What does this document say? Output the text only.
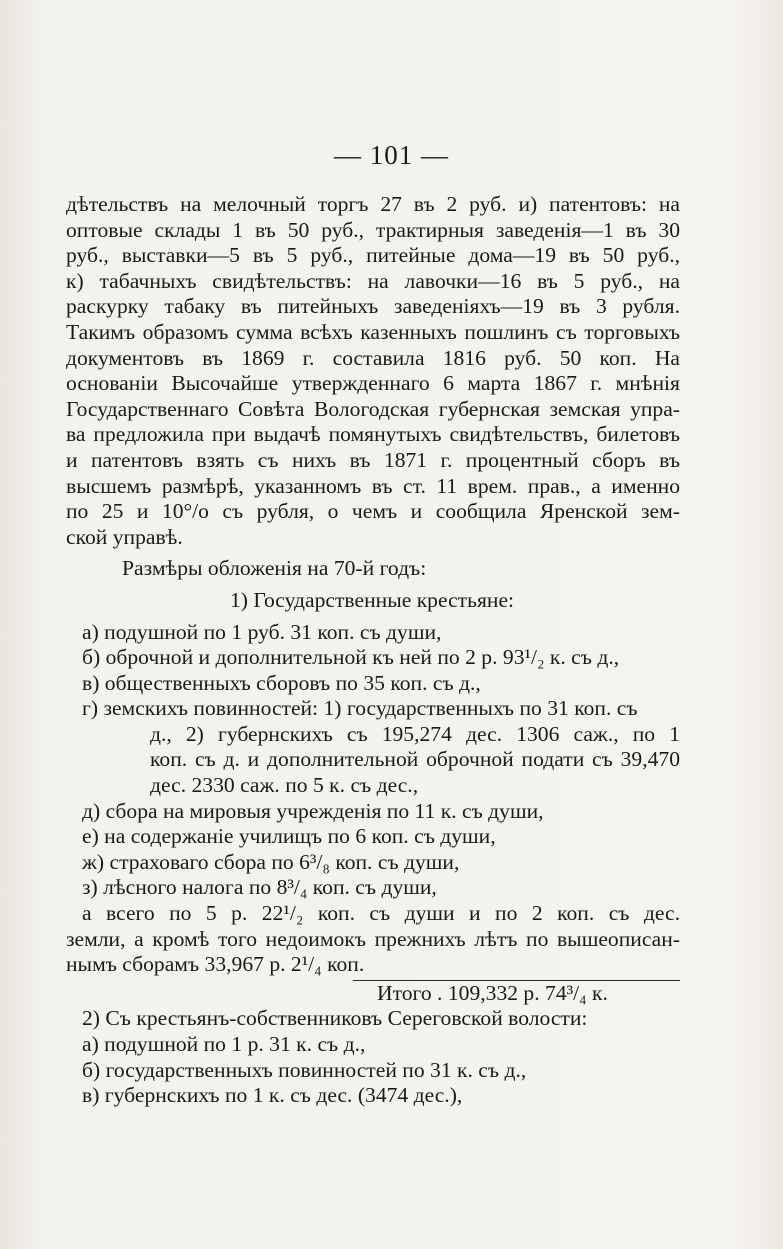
— 101 —
дѣтельствъ на мелочный торгъ 27 въ 2 руб. и) патентовъ: на
оптовые склады 1 въ 50 руб., трактирныя заведенія—1 въ 30
руб., выставки—5 въ 5 руб., питейные дома—19 въ 50 руб.,
к) табачныхъ свидѣтельствъ: на лавочки—16 въ 5 руб., на
раскурку табаку въ питейныхъ заведеніяхъ—19 въ 3 рубля.
Такимъ образомъ сумма всѣхъ казенныхъ пошлинъ съ торговыхъ
документовъ въ 1869 г. составила 1816 руб. 50 коп. На
основаніи Высочайше утвержденнаго 6 марта 1867 г. мнѣнія
Государственнаго Совѣта Вологодская губернская земская упра-
ва предложила при выдачѣ помянутыхъ свидѣтельствъ, билетовъ
и патентовъ взять съ нихъ въ 1871 г. процентный сборъ въ
высшемъ размѣрѣ, указанномъ въ ст. 11 врем. прав., а именно
по 25 и 10°/о съ рубля, о чемъ и сообщила Яренской зем-
ской управѣ.
Размѣры обложенія на 70-й годъ:
1) Государственные крестьяне:
а) подушной по 1 руб. 31 коп. съ души,
б) оброчной и дополнительной къ ней по 2 р. 93¹/₂ к. съ д.,
в) общественныхъ сборовъ по 35 коп. съ д.,
г) земскихъ повинностей: 1) государственныхъ по 31 коп. съ
д., 2) губернскихъ съ 195,274 дес. 1306 саж., по 1
коп. съ д. и дополнительной оброчной подати съ 39,470
дес. 2330 саж. по 5 к. съ дес.,
д) сбора на мировыя учрежденія по 11 к. съ души,
е) на содержаніе училищъ по 6 коп. съ души,
ж) страховаго сбора по 6³/₈ коп. съ души,
з) лѣсного налога по 8³/₄ коп. съ души,
а всего по 5 р. 22¹/₂ коп. съ души и по 2 коп. съ дес.
земли, а кромѣ того недоимокъ прежнихъ лѣтъ по вышеописан-
нымъ сборамъ 33,967 р. 2¹/₄ коп.
Итого . 109,332 р. 74³/₄ к.
2) Съ крестьянъ-собственниковъ Сереговской волости:
а) подушной по 1 р. 31 к. съ д.,
б) государственныхъ повинностей по 31 к. съ д.,
в) губернскихъ по 1 к. съ дес. (3474 дес.),
